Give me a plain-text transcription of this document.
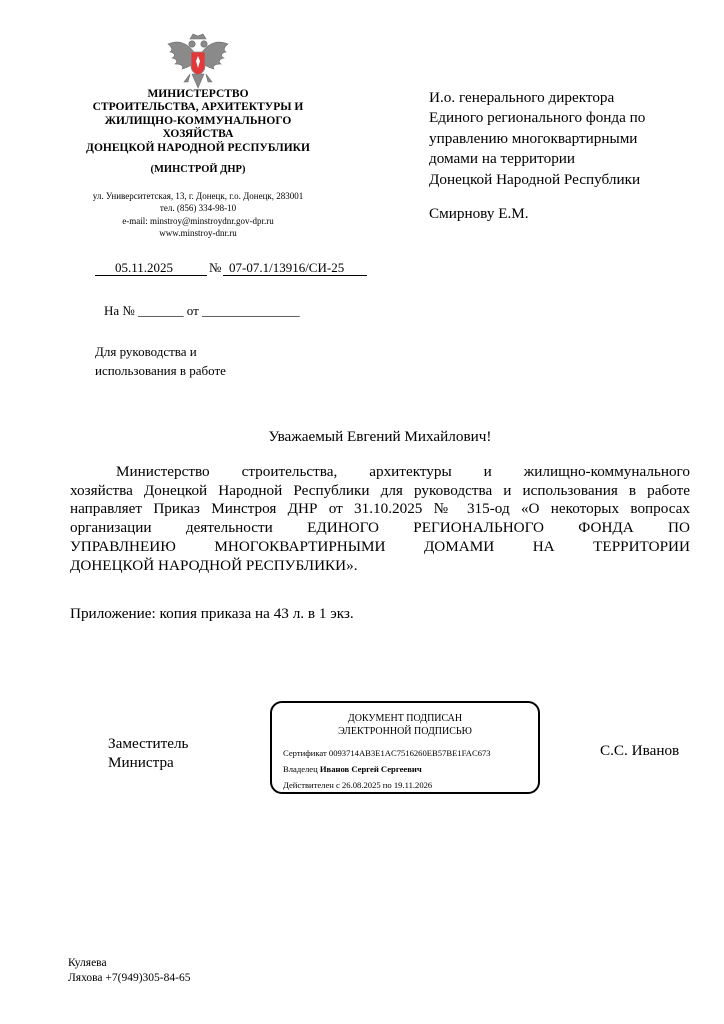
МИНИСТЕРСТВО
СТРОИТЕЛЬСТВА, АРХИТЕКТУРЫ И
ЖИЛИЩНО-КОММУНАЛЬНОГО
ХОЗЯЙСТВА
ДОНЕЦКОЙ НАРОДНОЙ РЕСПУБЛИКИ
(МИНСТРОЙ ДНР)
ул. Университетская, 13, г. Донецк, г.о. Донецк, 283001
тел. (856) 334-98-10
e-mail: minstroy@minstroydnr.gov-dpr.ru
www.minstroy-dnr.ru
05.11.2025	№ 07-07.1/13916/СИ-25
На № _______ от _______________
Для руководства и
использования в работе
И.о. генерального директора
Единого регионального фонда по
управлению многоквартирными
домами на территории
Донецкой Народной Республики
Смирнову Е.М.
Уважаемый Евгений Михайлович!
Министерство строительства, архитектуры и жилищно-коммунального
хозяйства Донецкой Народной Республики для руководства и использования в работе
направляет Приказ Минстроя ДНР от 31.10.2025 № 315-од «О некоторых вопросах
организации деятельности ЕДИНОГО РЕГИОНАЛЬНОГО ФОНДА ПО
УПРАВЛНЕИЮ МНОГОКВАРТИРНЫМИ ДОМАМИ НА ТЕРРИТОРИИ
ДОНЕЦКОЙ НАРОДНОЙ РЕСПУБЛИКИ».
Приложение: копия приказа на 43 л. в 1 экз.
Заместитель
Министра
ДОКУМЕНТ ПОДПИСАН
ЭЛЕКТРОННОЙ ПОДПИСЬЮ
Сертификат 0093714AB3E1AC7516260EB57BE1FAC673
Владелец Иванов Сергей Сергеевич
Действителен с 26.08.2025 по 19.11.2026
С.С. Иванов
Куляева
Ляхова +7(949)305-84-65
